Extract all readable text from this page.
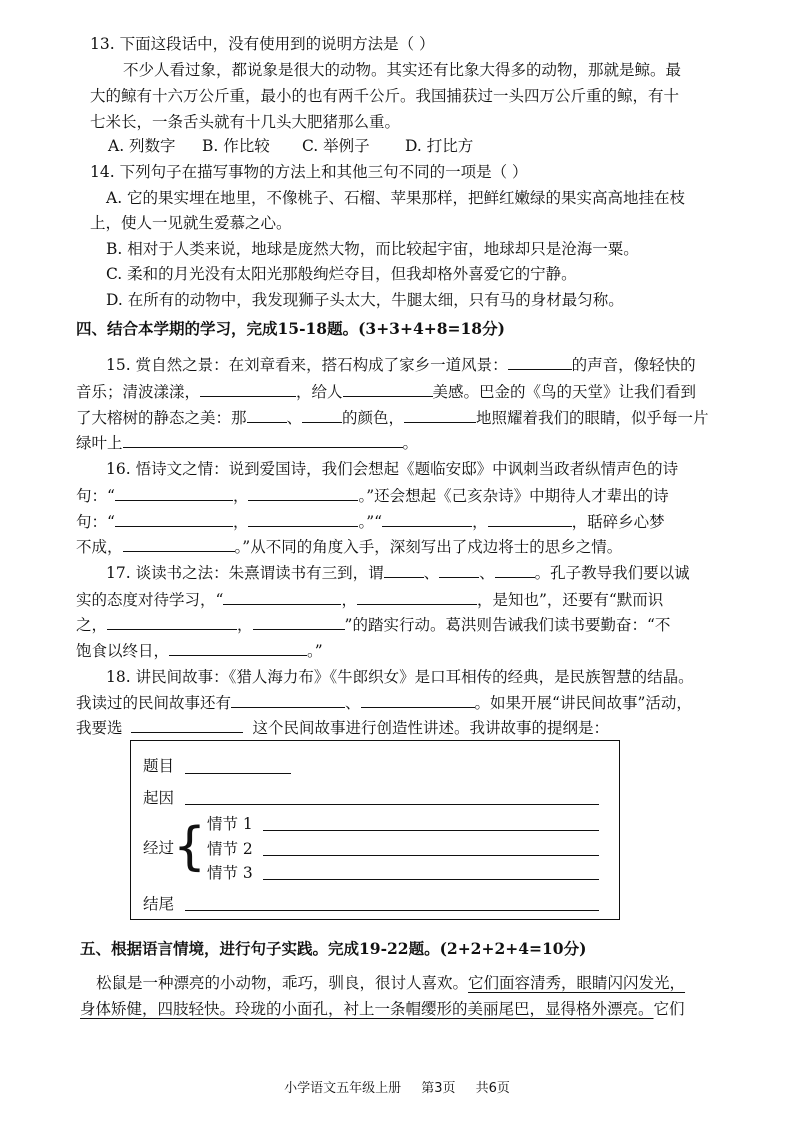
13. 下面这段话中，没有使用到的说明方法是（ ）
不少人看过象，都说象是很大的动物。其实还有比象大得多的动物，那就是鲸。最
大的鲸有十六万公斤重，最小的也有两千公斤。我国捕获过一头四万公斤重的鲸，有十
七米长，一条舌头就有十几头大肥猪那么重。
A. 列数字 B. 作比较 C. 举例子 D. 打比方
14. 下列句子在描写事物的方法上和其他三句不同的一项是（ ）
A. 它的果实埋在地里，不像桃子、石榴、苹果那样，把鲜红嫩绿的果实高高地挂在枝
上，使人一见就生爱慕之心。
B. 相对于人类来说，地球是庞然大物，而比较起宇宙，地球却只是沧海一粟。
C. 柔和的月光没有太阳光那般绚烂夺目，但我却格外喜爱它的宁静。
D. 在所有的动物中，我发现狮子头太大，牛腿太细，只有马的身材最匀称。
四、结合本学期的学习，完成15-18题。(3+3+4+8=18分)
15. 赏自然之景：在刘章看来，搭石构成了家乡一道风景：	的声音，像轻快的
音乐；清波漾漾，	，给人	美感。巴金的《鸟的天堂》让我们看到
了大榕树的静态之美：那	、	的颜色，	地照耀着我们的眼睛，似乎每一片
绿叶上	。
16. 悟诗文之情：说到爱国诗，我们会想起《题临安邸》中讽刺当政者纵情声色的诗
句：“	，	。”还会想起《己亥杂诗》中期待人才辈出的诗
句：“	，	。”“	，	，聒碎乡心梦
不成，	。”从不同的角度入手，深刻写出了戍边将士的思乡之情。
17. 谈读书之法：朱熹谓读书有三到，谓	、	、	。孔子教导我们要以诚
实的态度对待学习，“	，	，是知也”，还要有“默而识
之，	，	”的踏实行动。葛洪则告诫我们读书要勤奋：“不
饱食以终日，	。”
18. 讲民间故事：《猎人海力布》《牛郎织女》是口耳相传的经典，是民族智慧的结晶。
我读过的民间故事还有	、	。如果开展“讲民间故事”活动，
我要选	这个民间故事进行创造性讲述。我讲故事的提纲是：
题目
起因
经过
{ 情节 1
情节 2
情节 3
结尾
五、根据语言情境，进行句子实践。完成19-22题。(2+2+2+4=10分)
松鼠是一种漂亮的小动物，乖巧，驯良，很讨人喜欢。它们面容清秀，眼睛闪闪发光，
身体矫健，四肢轻快。玲珑的小面孔，衬上一条帽缨形的美丽尾巴，显得格外漂亮。它们
小学语文五年级上册 第3页 共6页
